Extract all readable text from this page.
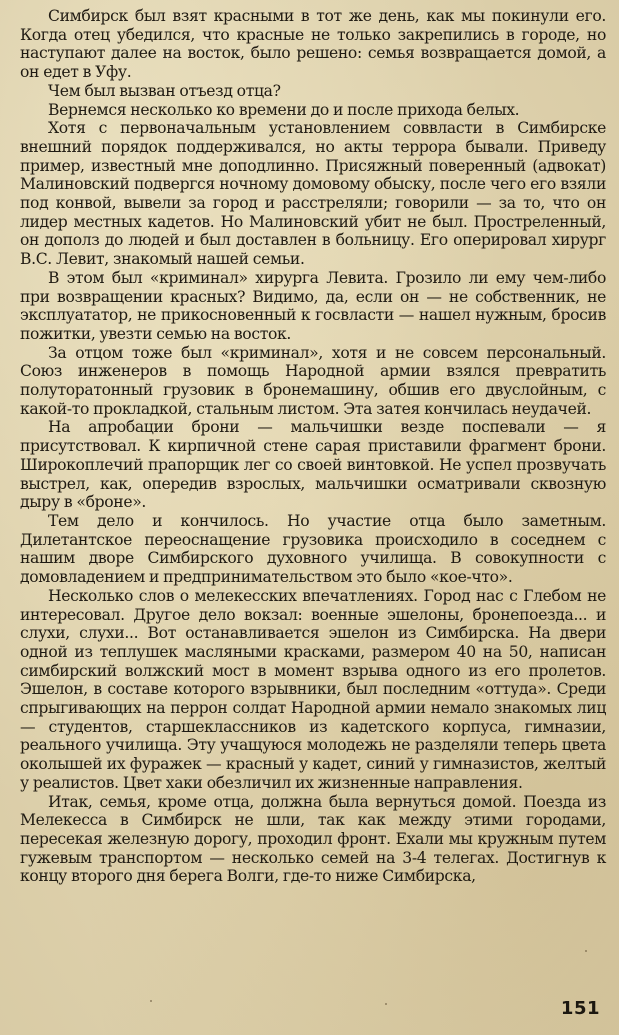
Симбирск был взят красными в тот же день, как мы покинули его. Когда отец убедился, что красные не только закрепились в городе, но наступают далее на восток, было решено: семья возвращается домой, а он едет в Уфу.

Чем был вызван отъезд отца?

Вернемся несколько ко времени до и после прихода белых.

Хотя с первоначальным установлением соввласти в Симбирске внешний порядок поддерживался, но акты террора бывали. Приведу пример, известный мне доподлинно. Присяжный поверенный (адвокат) Малиновский подвергся ночному домовому обыску, после чего его взяли под конвой, вывели за город и расстреляли; говорили — за то, что он лидер местных кадетов. Но Малиновский убит не был. Простреленный, он дополз до людей и был доставлен в больницу. Его оперировал хирург В.С. Левит, знакомый нашей семьи.

В этом был «криминал» хирурга Левита. Грозило ли ему чем-либо при возвращении красных? Видимо, да, если он — не собственник, не эксплуататор, не прикосновенный к госвласти — нашел нужным, бросив пожитки, увезти семью на восток.

За отцом тоже был «криминал», хотя и не совсем персональный. Союз инженеров в помощь Народной армии взялся превратить полуторатонный грузовик в бронемашину, обшив его двуслойным, с какой-то прокладкой, стальным листом. Эта затея кончилась неудачей.

На апробации брони — мальчишки везде поспевали — я присутствовал. К кирпичной стене сарая приставили фрагмент брони. Широкоплечий прапорщик лег со своей винтовкой. Не успел прозвучать выстрел, как, опередив взрослых, мальчишки осматривали сквозную дыру в «броне».

Тем дело и кончилось. Но участие отца было заметным. Дилетантское переоснащение грузовика происходило в соседнем с нашим дворе Симбирского духовного училища. В совокупности с домовладением и предпринимательством это было «кое-что».

Несколько слов о мелекесских впечатлениях. Город нас с Глебом не интересовал. Другое дело вокзал: военные эшелоны, бронепоезда... и слухи, слухи... Вот останавливается эшелон из Симбирска. На двери одной из теплушек масляными красками, размером 40 на 50, написан симбирский волжский мост в момент взрыва одного из его пролетов. Эшелон, в составе которого взрывники, был последним «оттуда». Среди спрыгивающих на перрон солдат Народной армии немало знакомых лиц — студентов, старшеклассников из кадетского корпуса, гимназии, реального училища. Эту учащуюся молодежь не разделяли теперь цвета околышей их фуражек — красный у кадет, синий у гимназистов, желтый у реалистов. Цвет хаки обезличил их жизненные направления.

Итак, семья, кроме отца, должна была вернуться домой. Поезда из Мелекесса в Симбирск не шли, так как между этими городами, пересекая железную дорогу, проходил фронт. Ехали мы кружным путем гужевым транспортом — несколько семей на 3-4 телегах. Достигнув к концу второго дня берега Волги, где-то ниже Симбирска,

151
